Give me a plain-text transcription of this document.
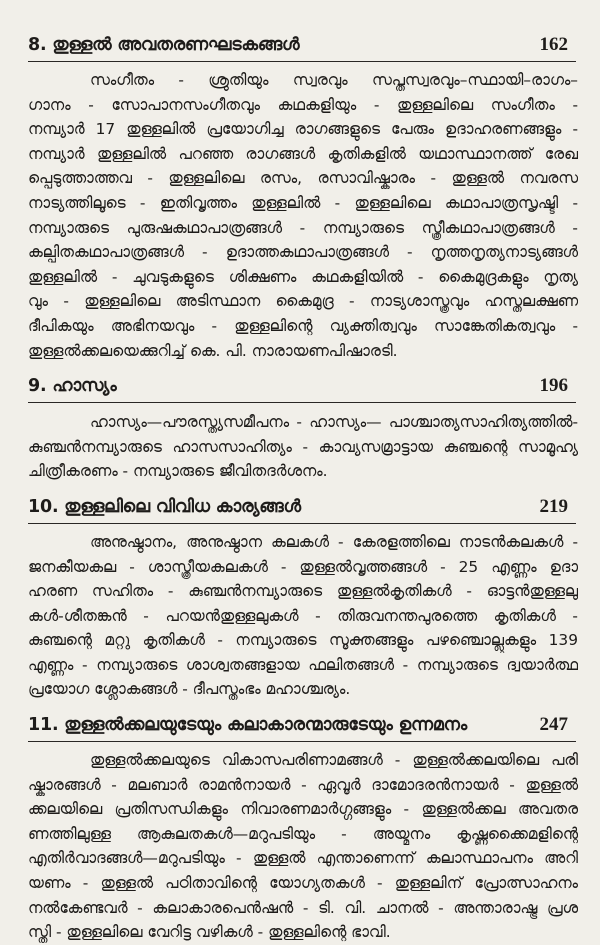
8. തുള്ളൽ അവതരണഘടകങ്ങൾ	162
സംഗീതം - ശ്രുതിയും സ്വരവും സപ്തസ്വരവും–സ്ഥായി–രാഗം–
ഗാനം - സോപാനസംഗീതവും കഥകളിയും - തുള്ളലിലെ സംഗീതം -
നമ്പ്യാർ 17 തുള്ളലിൽ പ്രയോഗിച്ച രാഗങ്ങളുടെ പേരും ഉദാഹരണങ്ങളും -
നമ്പ്യാർ തുള്ളലിൽ പറഞ്ഞ രാഗങ്ങൾ കൃതികളിൽ യഥാസ്ഥാനത്ത് രേഖ
പ്പെടുത്താത്തവ - തുള്ളലിലെ രസം, രസാവിഷ്കാരം - തുള്ളൽ നവരസ
നാട്യത്തിലൂടെ - ഇതിവൃത്തം തുള്ളലിൽ - തുള്ളലിലെ കഥാപാത്രസൃഷ്ടി -
നമ്പ്യാരുടെ പുരുഷകഥാപാത്രങ്ങൾ - നമ്പ്യാരുടെ സ്ത്രീകഥാപാത്രങ്ങൾ -
കല്പിതകഥാപാത്രങ്ങൾ - ഉദാത്തകഥാപാത്രങ്ങൾ - നൃത്തനൃത്യനാട്യങ്ങൾ
തുള്ളലിൽ - ചുവടുകളുടെ ശിക്ഷണം കഥകളിയിൽ - കൈമുദ്രകളും നൃത്യ
വും - തുള്ളലിലെ അടിസ്ഥാന കൈമുദ്ര - നാട്യശാസ്ത്രവും ഹസ്തലക്ഷണ
ദീപികയും അഭിനയവും - തുള്ളലിന്റെ വ്യക്തിത്വവും സാങ്കേതികത്വവും -
തുള്ളൽക്കലയെക്കുറിച്ച് കെ. പി. നാരായണപിഷാരടി.
9. ഹാസ്യം	196
ഹാസ്യം—പൗരസ്ത്യസമീപനം - ഹാസ്യം— പാശ്ചാത്യസാഹിത്യത്തിൽ-
കുഞ്ചൻനമ്പ്യാരുടെ ഹാസസാഹിത്യം - കാവ്യസമ്രാട്ടായ കുഞ്ചന്റെ സാമൂഹ്യ
ചിത്രീകരണം - നമ്പ്യാരുടെ ജീവിതദർശനം.
10. തുള്ളലിലെ വിവിധ കാര്യങ്ങൾ	219
അനുഷ്ഠാനം, അനുഷ്ഠാന കലകൾ - കേരളത്തിലെ നാടൻകലകൾ -
ജനകീയകല - ശാസ്ത്രീയകലകൾ - തുള്ളൽവൃത്തങ്ങൾ - 25 എണ്ണം ഉദാ
ഹരണ സഹിതം - കുഞ്ചൻനമ്പ്യാരുടെ തുള്ളൽകൃതികൾ - ഓട്ടൻതുള്ളലു
കൾ-ശീതങ്കൻ - പറയൻതുള്ളലുകൾ - തിരുവനന്തപുരത്തെ കൃതികൾ -
കുഞ്ചന്റെ മറ്റു കൃതികൾ - നമ്പ്യാരുടെ സൂക്തങ്ങളും പഴഞ്ചൊല്ലുകളും 139
എണ്ണം - നമ്പ്യാരുടെ ശാശ്വതങ്ങളായ ഫലിതങ്ങൾ - നമ്പ്യാരുടെ ദ്വയാർത്ഥ
പ്രയോഗ ശ്ലോകങ്ങൾ - ദീപസ്തംഭം മഹാശ്ചര്യം.
11. തുള്ളൽക്കലയുടേയും കലാകാരന്മാരുടേയും ഉന്നമനം	247
തുള്ളൽക്കലയുടെ വികാസപരിണാമങ്ങൾ - തുള്ളൽക്കലയിലെ പരി
ഷ്കാരങ്ങൾ - മലബാർ രാമൻനായർ - ഏവൂർ ദാമോദരൻനായർ - തുള്ളൽ
ക്കലയിലെ പ്രതിസന്ധികളും നിവാരണമാർഗ്ഗങ്ങളും - തുള്ളൽക്കല അവതര
ണത്തിലുള്ള ആകുലതകൾ—മറുപടിയും - അയ്മനം കൃഷ്ണക്കൈമളിന്റെ
എതിർവാദങ്ങൾ—മറുപടിയും - തുള്ളൽ എന്താണെന്ന് കലാസ്ഥാപനം അറി
യണം - തുള്ളൽ പഠിതാവിന്റെ യോഗ്യതകൾ - തുള്ളലിന് പ്രോത്സാഹനം
നൽകേണ്ടവർ - കലാകാരപെൻഷൻ - ടി. വി. ചാനൽ - അന്താരാഷ്ട്ര പ്രശ
സ്തി - തുള്ളലിലെ വേറിട്ട വഴികൾ - തുള്ളലിന്റെ ഭാവി.
